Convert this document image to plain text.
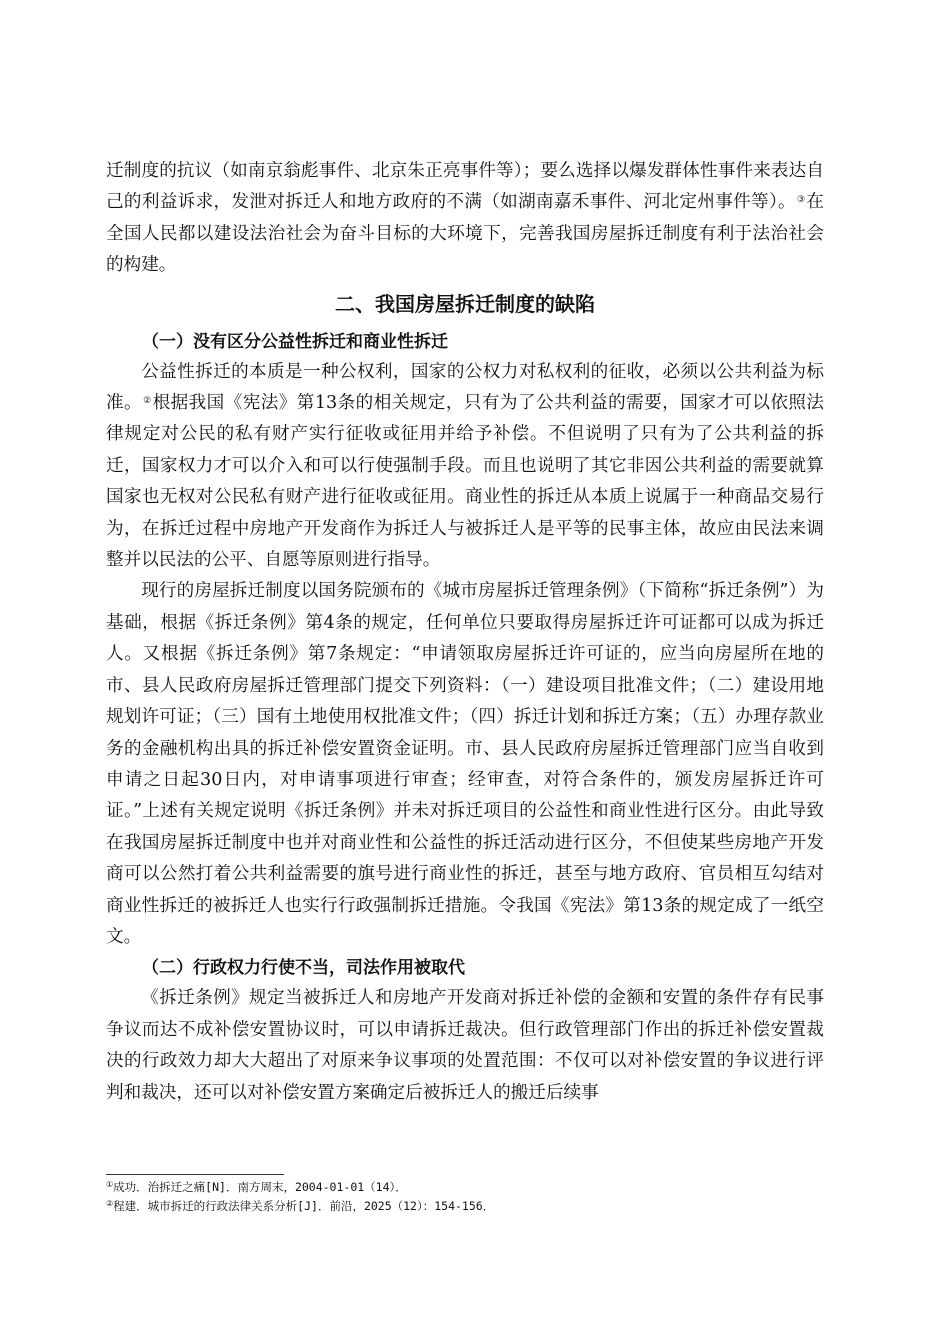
迁制度的抗议（如南京翁彪事件、北京朱正亮事件等）；要么选择以爆发群体性事件来表达自己的利益诉求，发泄对拆迁人和地方政府的不满（如湖南嘉禾事件、河北定州事件等）。③在全国人民都以建设法治社会为奋斗目标的大环境下，完善我国房屋拆迁制度有利于法治社会的构建。

二、我国房屋拆迁制度的缺陷
（一）没有区分公益性拆迁和商业性拆迁

公益性拆迁的本质是一种公权利，国家的公权力对私权利的征收，必须以公共利益为标准。②根据我国《宪法》第13条的相关规定，只有为了公共利益的需要，国家才可以依照法律规定对公民的私有财产实行征收或征用并给予补偿。不但说明了只有为了公共利益的拆迁，国家权力才可以介入和可以行使强制手段。而且也说明了其它非因公共利益的需要就算国家也无权对公民私有财产进行征收或征用。商业性的拆迁从本质上说属于一种商品交易行为，在拆迁过程中房地产开发商作为拆迁人与被拆迁人是平等的民事主体，故应由民法来调整并以民法的公平、自愿等原则进行指导。

现行的房屋拆迁制度以国务院颁布的《城市房屋拆迁管理条例》（下简称“拆迁条例”）为基础，根据《拆迁条例》第4条的规定，任何单位只要取得房屋拆迁许可证都可以成为拆迁人。又根据《拆迁条例》第7条规定：“申请领取房屋拆迁许可证的，应当向房屋所在地的市、县人民政府房屋拆迁管理部门提交下列资料：（一）建设项目批准文件；（二）建设用地规划许可证；（三）国有土地使用权批准文件；（四）拆迁计划和拆迁方案；（五）办理存款业务的金融机构出具的拆迁补偿安置资金证明。市、县人民政府房屋拆迁管理部门应当自收到申请之日起30日内，对申请事项进行审查；经审查，对符合条件的，颁发房屋拆迁许可证。”上述有关规定说明《拆迁条例》并未对拆迁项目的公益性和商业性进行区分。由此导致在我国房屋拆迁制度中也并对商业性和公益性的拆迁活动进行区分，不但使某些房地产开发商可以公然打着公共利益需要的旗号进行商业性的拆迁，甚至与地方政府、官员相互勾结对商业性拆迁的被拆迁人也实行行政强制拆迁措施。令我国《宪法》第13条的规定成了一纸空文。

（二）行政权力行使不当，司法作用被取代

《拆迁条例》规定当被拆迁人和房地产开发商对拆迁补偿的金额和安置的条件存有民事争议而达不成补偿安置协议时，可以申请拆迁裁决。但行政管理部门作出的拆迁补偿安置裁决的行政效力却大大超出了对原来争议事项的处置范围：不仅可以对补偿安置的争议进行评判和裁决，还可以对补偿安置方案确定后被拆迁人的搬迁后续事

①成功．治拆迁之痛[N]．南方周末，2004-01-01（14）．

②程建．城市拆迁的行政法律关系分析[J]．前沿，2025（12）：154-156．
